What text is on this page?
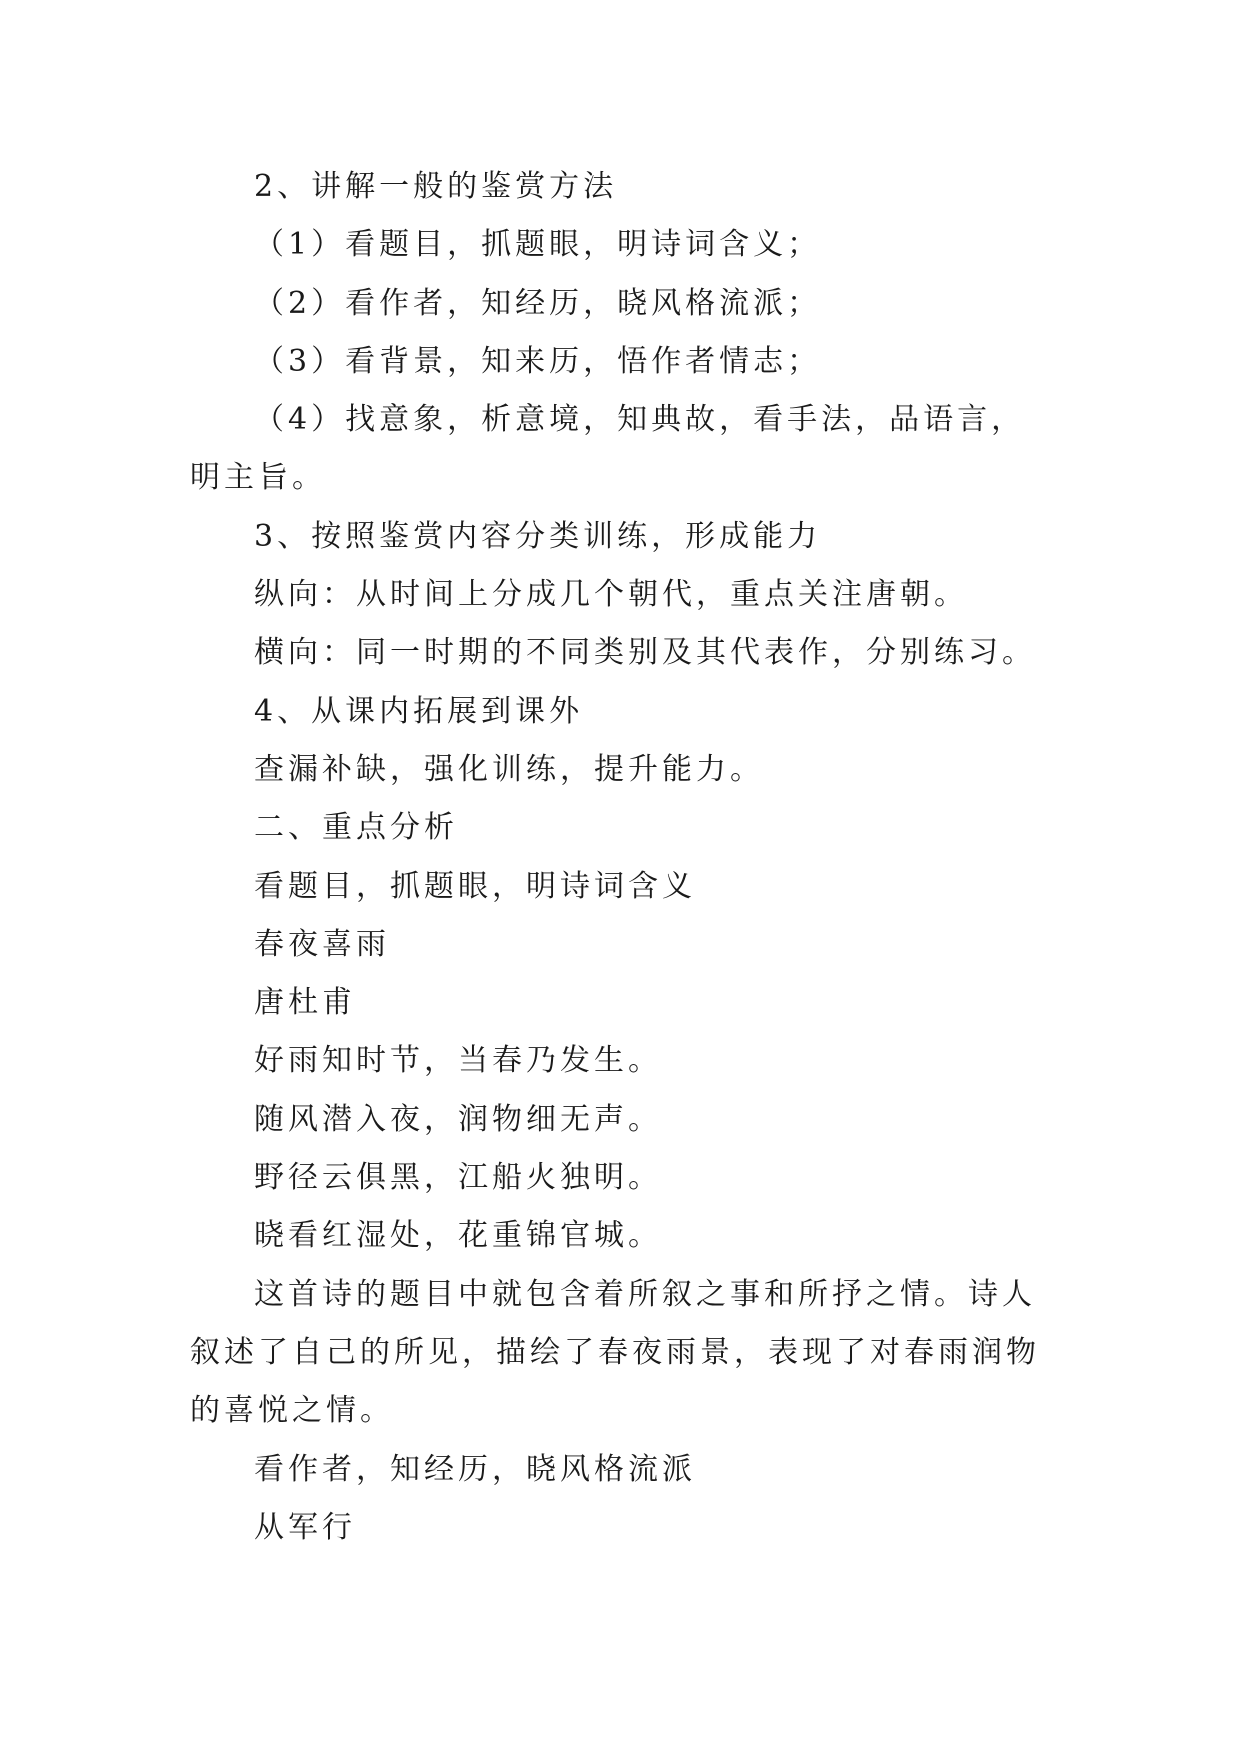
2、讲解一般的鉴赏方法

（1）看题目，抓题眼，明诗词含义；

（2）看作者，知经历，晓风格流派；

（3）看背景，知来历，悟作者情志；

（4）找意象，析意境，知典故，看手法，品语言，明主旨。

3、按照鉴赏内容分类训练，形成能力

纵向：从时间上分成几个朝代，重点关注唐朝。

横向：同一时期的不同类别及其代表作，分别练习。

4、从课内拓展到课外

查漏补缺，强化训练，提升能力。

二、重点分析

看题目，抓题眼，明诗词含义

春夜喜雨

唐杜甫

好雨知时节，当春乃发生。

随风潜入夜，润物细无声。

野径云俱黑，江船火独明。

晓看红湿处，花重锦官城。

这首诗的题目中就包含着所叙之事和所抒之情。诗人叙述了自己的所见，描绘了春夜雨景，表现了对春雨润物的喜悦之情。

看作者，知经历，晓风格流派

从军行
